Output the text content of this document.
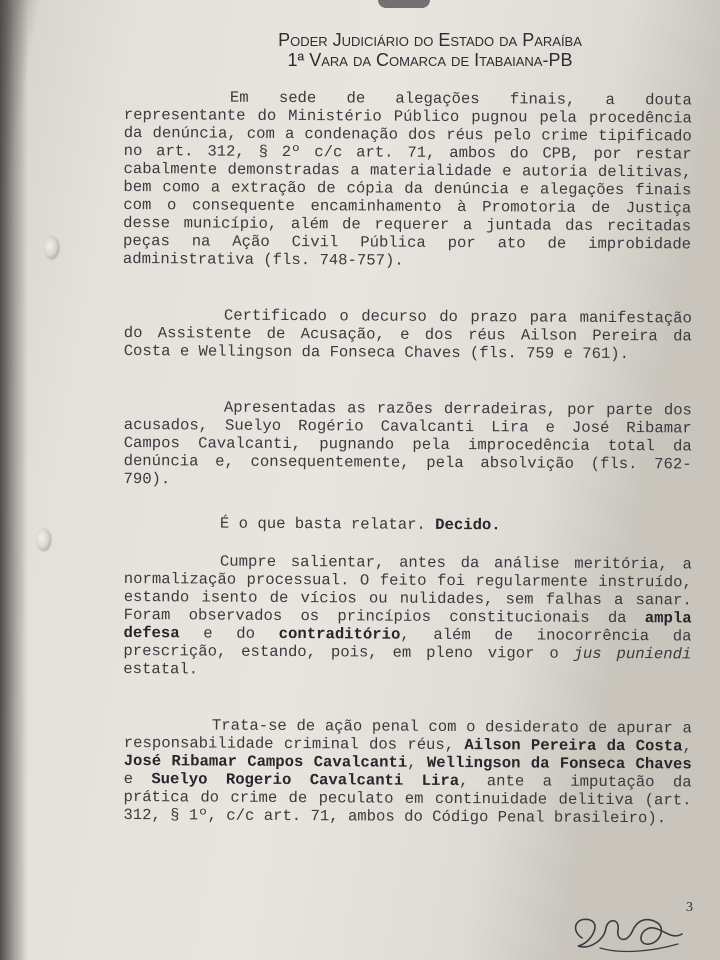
Poder Judiciário do Estado da Paraíba
1ª Vara da Comarca de Itabaiana-PB

Em sede de alegações finais, a douta representante do Ministério Público pugnou pela procedência da denúncia, com a condenação dos réus pelo crime tipificado no art. 312, § 2º c/c art. 71, ambos do CPB, por restar cabalmente demonstradas a materialidade e autoria delitivas, bem como a extração de cópia da denúncia e alegações finais com o consequente encaminhamento à Promotoria de Justiça desse município, além de requerer a juntada das recitadas peças na Ação Civil Pública por ato de improbidade administrativa (fls. 748-757).

Certificado o decurso do prazo para manifestação do Assistente de Acusação, e dos réus Ailson Pereira da Costa e Wellingson da Fonseca Chaves (fls. 759 e 761).

Apresentadas as razões derradeiras, por parte dos acusados, Suelyo Rogério Cavalcanti Lira e José Ribamar Campos Cavalcanti, pugnando pela improcedência total da denúncia e, consequentemente, pela absolvição (fls. 762-790).

É o que basta relatar. Decido.

Cumpre salientar, antes da análise meritória, a normalização processual. O feito foi regularmente instruído, estando isento de vícios ou nulidades, sem falhas a sanar. Foram observados os princípios constitucionais da ampla defesa e do contraditório, além de inocorrência da prescrição, estando, pois, em pleno vigor o jus puniendi estatal.

Trata-se de ação penal com o desiderato de apurar a responsabilidade criminal dos réus, Ailson Pereira da Costa, José Ribamar Campos Cavalcanti, Wellingson da Fonseca Chaves e Suelyo Rogerio Cavalcanti Lira, ante a imputação da prática do crime de peculato em continuidade delitiva (art. 312, § 1º, c/c art. 71, ambos do Código Penal brasileiro).

3
